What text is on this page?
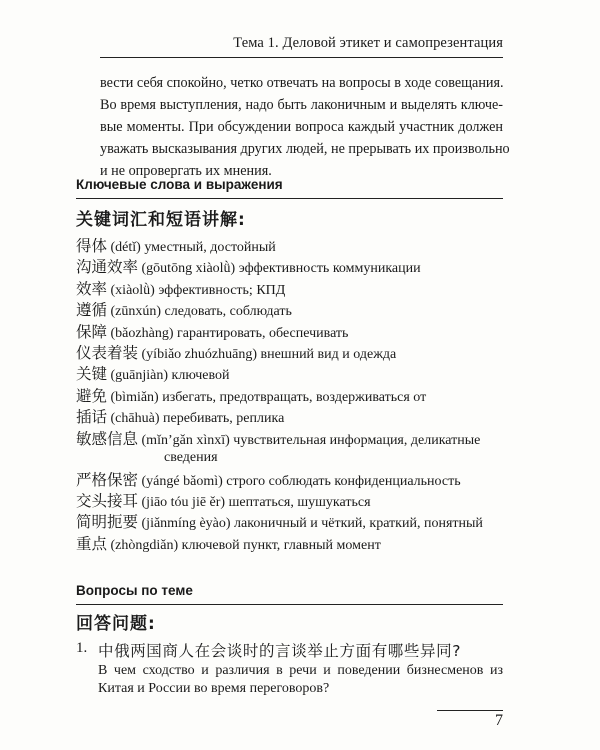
Тема 1. Деловой этикет и самопрезентация
вести себя спокойно, четко отвечать на вопросы в ходе совещания.
Во время выступления, надо быть лаконичным и выделять ключе-
вые моменты. При обсуждении вопроса каждый участник должен
уважать высказывания других людей, не прерывать их произвольно
и не опровергать их мнения.
Ключевые слова и выражения
关键词汇和短语讲解:
得体 (détǐ) уместный, достойный
沟通效率 (gōutōng xiàolǜ) эффективность коммуникации
效率 (xiàolǜ) эффективность; КПД
遵循 (zūnxún) следовать, соблюдать
保障 (bǎozhàng) гарантировать, обеспечивать
仪表着装 (yíbiǎo zhuózhuāng) внешний вид и одежда
关键 (guānjiàn) ключевой
避免 (bìmiǎn) избегать, предотвращать, воздерживаться от
插话 (chāhuà) перебивать, реплика
敏感信息 (mǐn’gǎn xìnxī) чувствительная информация, деликатные
сведения
严格保密 (yángé bǎomì) строго соблюдать конфиденциальность
交头接耳 (jiāo tóu jiē ěr) шептаться, шушукаться
简明扼要 (jiǎnmíng èyào) лаконичный и чёткий, краткий, понятный
重点 (zhòngdiǎn) ключевой пункт, главный момент
Вопросы по теме
回答问题:
1. 中俄两国商人在会谈时的言谈举止方面有哪些异同?
В чем сходство и различия в речи и поведении бизнесменов из Китая и России во время переговоров?
7
